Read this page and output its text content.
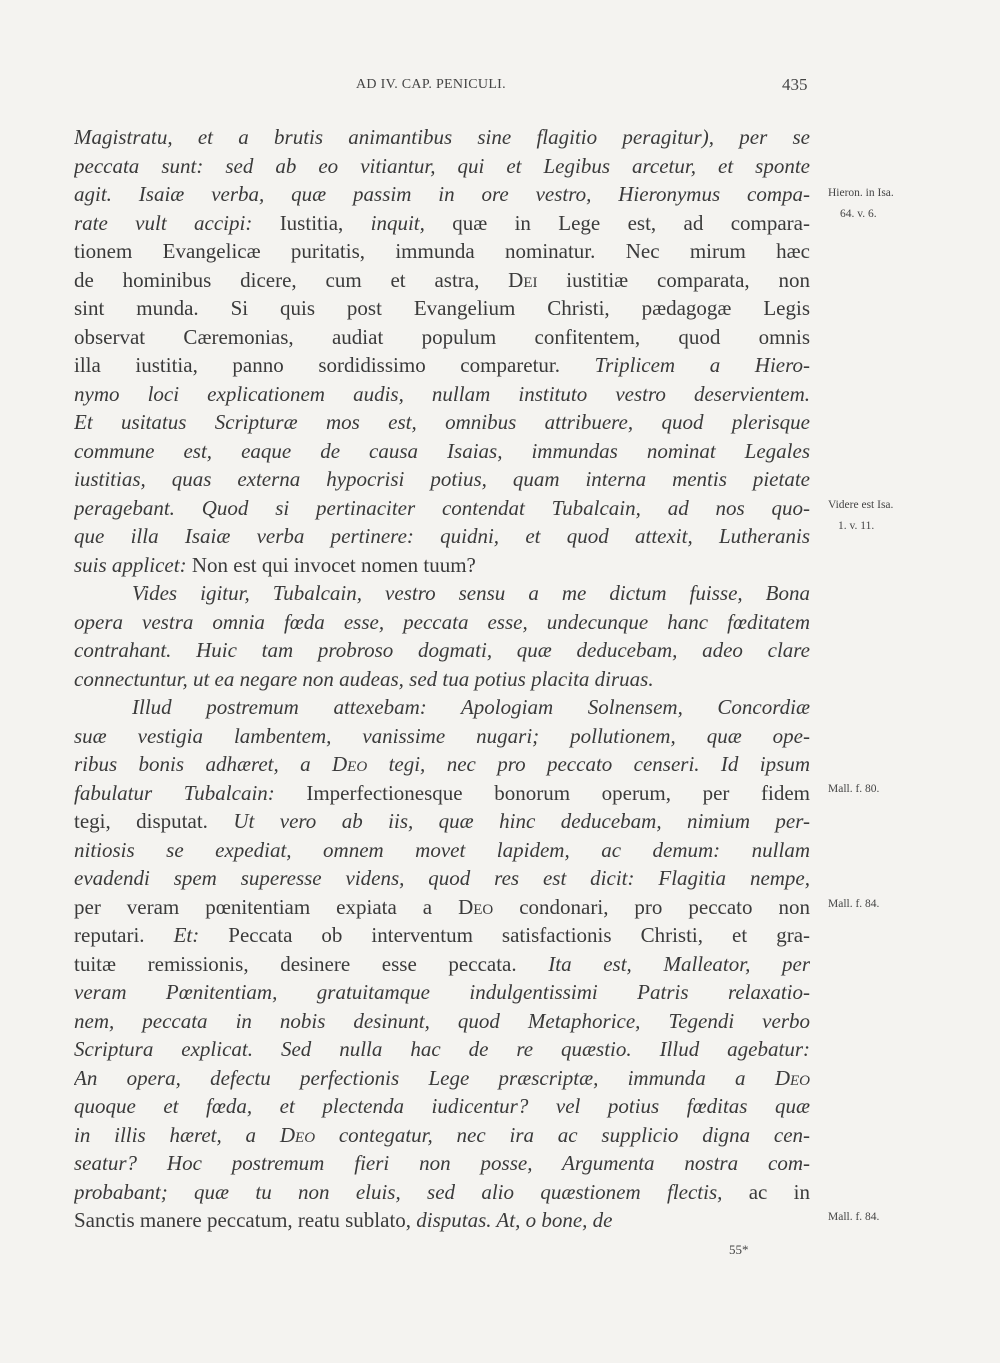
AD IV. CAP. PENICULI.	435
Magistratu, et a brutis animantibus sine flagitio peragitur), per se
peccata sunt: sed ab eo vitiantur, qui et Legibus arcetur, et sponte
agit. Isaiæ verba, quæ passim in ore vestro, Hieronymus compa-
rate vult accipi: Iustitia, inquit, quæ in Lege est, ad compara-
tionem Evangelicæ puritatis, immunda nominatur. Nec mirum hæc
de hominibus dicere, cum et astra, Dei iustitiæ comparata, non
sint munda. Si quis post Evangelium Christi, pædagogæ Legis
observat Cæremonias, audiat populum confitentem, quod omnis
illa iustitia, panno sordidissimo comparetur. Triplicem a Hiero-
nymo loci explicationem audis, nullam instituto vestro deservientem.
Et usitatus Scripturæ mos est, omnibus attribuere, quod plerisque
commune est, eaque de causa Isaias, immundas nominat Legales
iustitias, quas externa hypocrisi potius, quam interna mentis pietate
peragebant. Quod si pertinaciter contendat Tubalcain, ad nos quo-
que illa Isaiæ verba pertinere: quidni, et quod attexit, Lutheranis
suis applicet: Non est qui invocet nomen tuum?
Vides igitur, Tubalcain, vestro sensu a me dictum fuisse, Bona
opera vestra omnia fœda esse, peccata esse, undecunque hanc fœditatem
contrahant. Huic tam probroso dogmati, quæ deducebam, adeo clare
connectuntur, ut ea negare non audeas, sed tua potius placita diruas.
Illud postremum attexebam: Apologiam Solnensem, Concordiæ
suæ vestigia lambentem, vanissime nugari; pollutionem, quæ ope-
ribus bonis adhæret, a Deo tegi, nec pro peccato censeri. Id ipsum
fabulatur Tubalcain: Imperfectionesque bonorum operum, per fidem
tegi, disputat. Ut vero ab iis, quæ hinc deducebam, nimium per-
nitiosis se expediat, omnem movet lapidem, ac demum: nullam
evadendi spem superesse videns, quod res est dicit: Flagitia nempe,
per veram pœnitentiam expiata a Deo condonari, pro peccato non
reputari. Et: Peccata ob interventum satisfactionis Christi, et gra-
tuitæ remissionis, desinere esse peccata. Ita est, Malleator, per
veram Pœnitentiam, gratuitamque indulgentissimi Patris relaxatio-
nem, peccata in nobis desinunt, quod Metaphorice, Tegendi verbo
Scriptura explicat. Sed nulla hac de re quæstio. Illud agebatur:
An opera, defectu perfectionis Lege præscriptæ, immunda a Deo
quoque et fœda, et plectenda iudicentur? vel potius fœditas quæ
in illis hæret, a Deo contegatur, nec ira ac supplicio digna cen-
seatur? Hoc postremum fieri non posse, Argumenta nostra com-
probabant; quæ tu non eluis, sed alio quæstionem flectis, ac in
Sanctis manere peccatum, reatu sublato, disputas. At, o bone, de
Hieron. in Isa.
64. v. 6.
Videre est Isa.
1. v. 11.
Mall. f. 80.
Mall. f. 84.
Mall. f. 84.
55*
